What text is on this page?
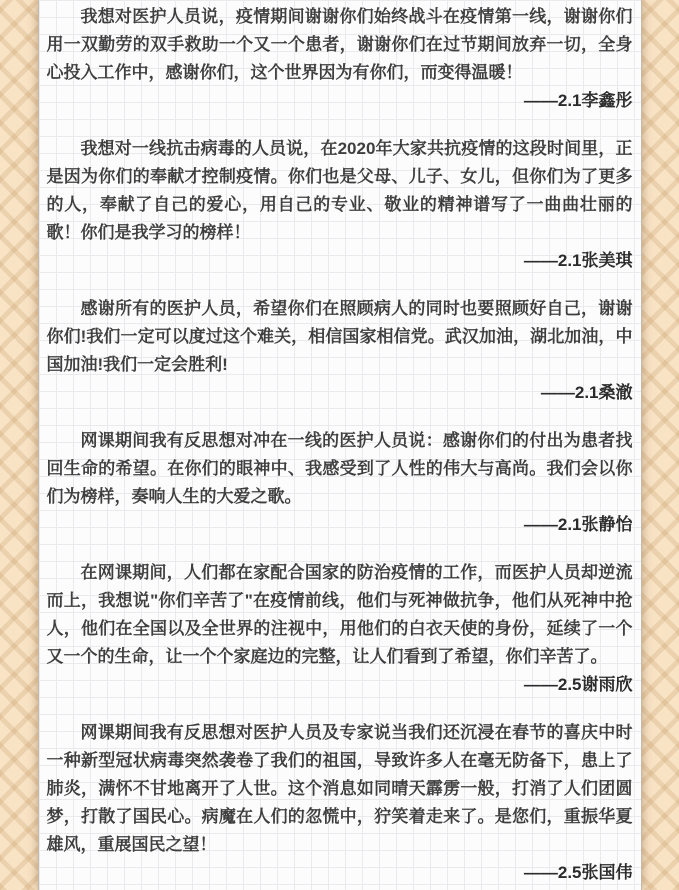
我想对医护人员说，疫情期间谢谢你们始终战斗在疫情第一线，谢谢你们用一双勤劳的双手救助一个又一个患者，谢谢你们在过节期间放弃一切，全身心投入工作中，感谢你们，这个世界因为有你们，而变得温暖！

——2.1李鑫彤

我想对一线抗击病毒的人员说，在2020年大家共抗疫情的这段时间里，正是因为你们的奉献才控制疫情。你们也是父母、儿子、女儿，但你们为了更多的人，奉献了自己的爱心，用自己的专业、敬业的精神谱写了一曲曲壮丽的歌！你们是我学习的榜样！

——2.1张美琪

感谢所有的医护人员，希望你们在照顾病人的同时也要照顾好自己，谢谢你们!我们一定可以度过这个难关，相信国家相信党。武汉加油，湖北加油，中国加油!我们一定会胜利!

——2.1桑澈

网课期间我有反思想对冲在一线的医护人员说：感谢你们的付出为患者找回生命的希望。在你们的眼神中、我感受到了人性的伟大与高尚。我们会以你们为榜样，奏响人生的大爱之歌。

——2.1张静怡

在网课期间，人们都在家配合国家的防治疫情的工作，而医护人员却逆流而上，我想说"你们辛苦了"在疫情前线，他们与死神做抗争，他们从死神中抢人，他们在全国以及全世界的注视中，用他们的白衣天使的身份，延续了一个又一个的生命，让一个个家庭边的完整，让人们看到了希望，你们辛苦了。

——2.5谢雨欣

网课期间我有反思想对医护人员及专家说当我们还沉浸在春节的喜庆中时一种新型冠状病毒突然袭卷了我们的祖国，导致许多人在毫无防备下，患上了肺炎，满怀不甘地离开了人世。这个消息如同晴天霹雳一般，打消了人们团圆梦，打散了国民心。病魔在人们的忽慌中，狞笑着走来了。是您们，重振华夏雄风，重展国民之望！

——2.5张国伟
